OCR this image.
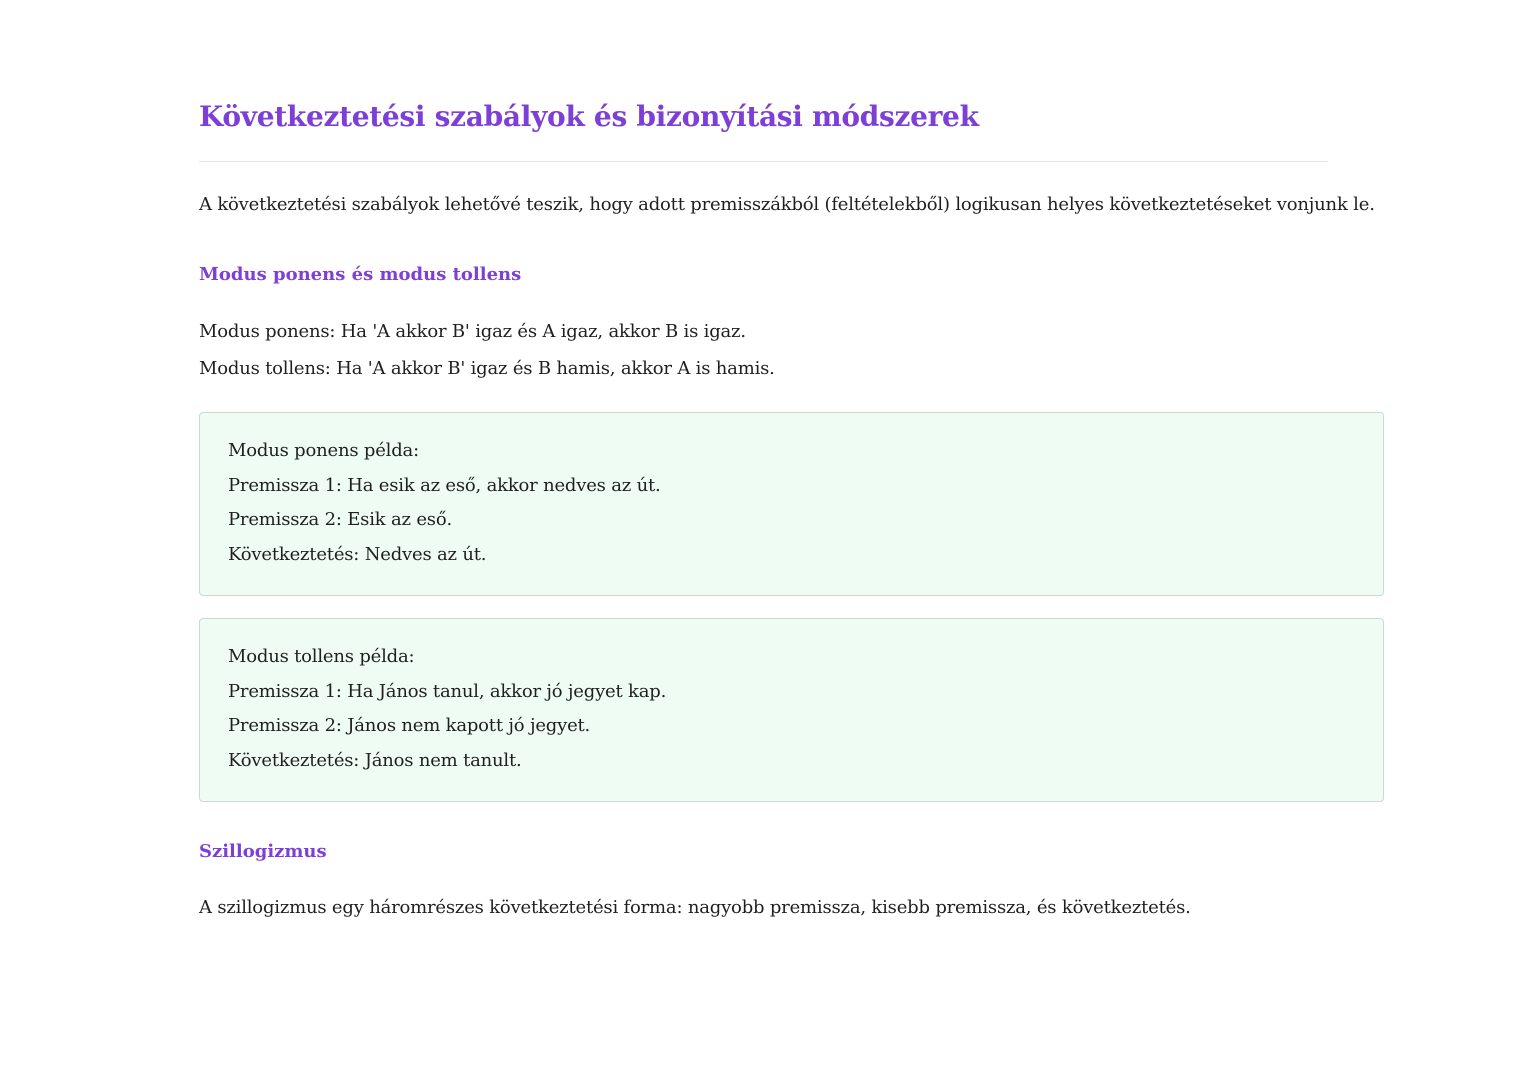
Következtetési szabályok és bizonyítási módszerek

A következtetési szabályok lehetővé teszik, hogy adott premisszákból (feltételekből) logikusan helyes következtetéseket vonjunk le.

Modus ponens és modus tollens

Modus ponens: Ha 'A akkor B' igaz és A igaz, akkor B is igaz.

Modus tollens: Ha 'A akkor B' igaz és B hamis, akkor A is hamis.

Modus ponens példa:

Premissza 1: Ha esik az eső, akkor nedves az út.

Premissza 2: Esik az eső.

Következtetés: Nedves az út.

Modus tollens példa:

Premissza 1: Ha János tanul, akkor jó jegyet kap.

Premissza 2: János nem kapott jó jegyet.

Következtetés: János nem tanult.

Szillogizmus

A szillogizmus egy háromrészes következtetési forma: nagyobb premissza, kisebb premissza, és következtetés.
